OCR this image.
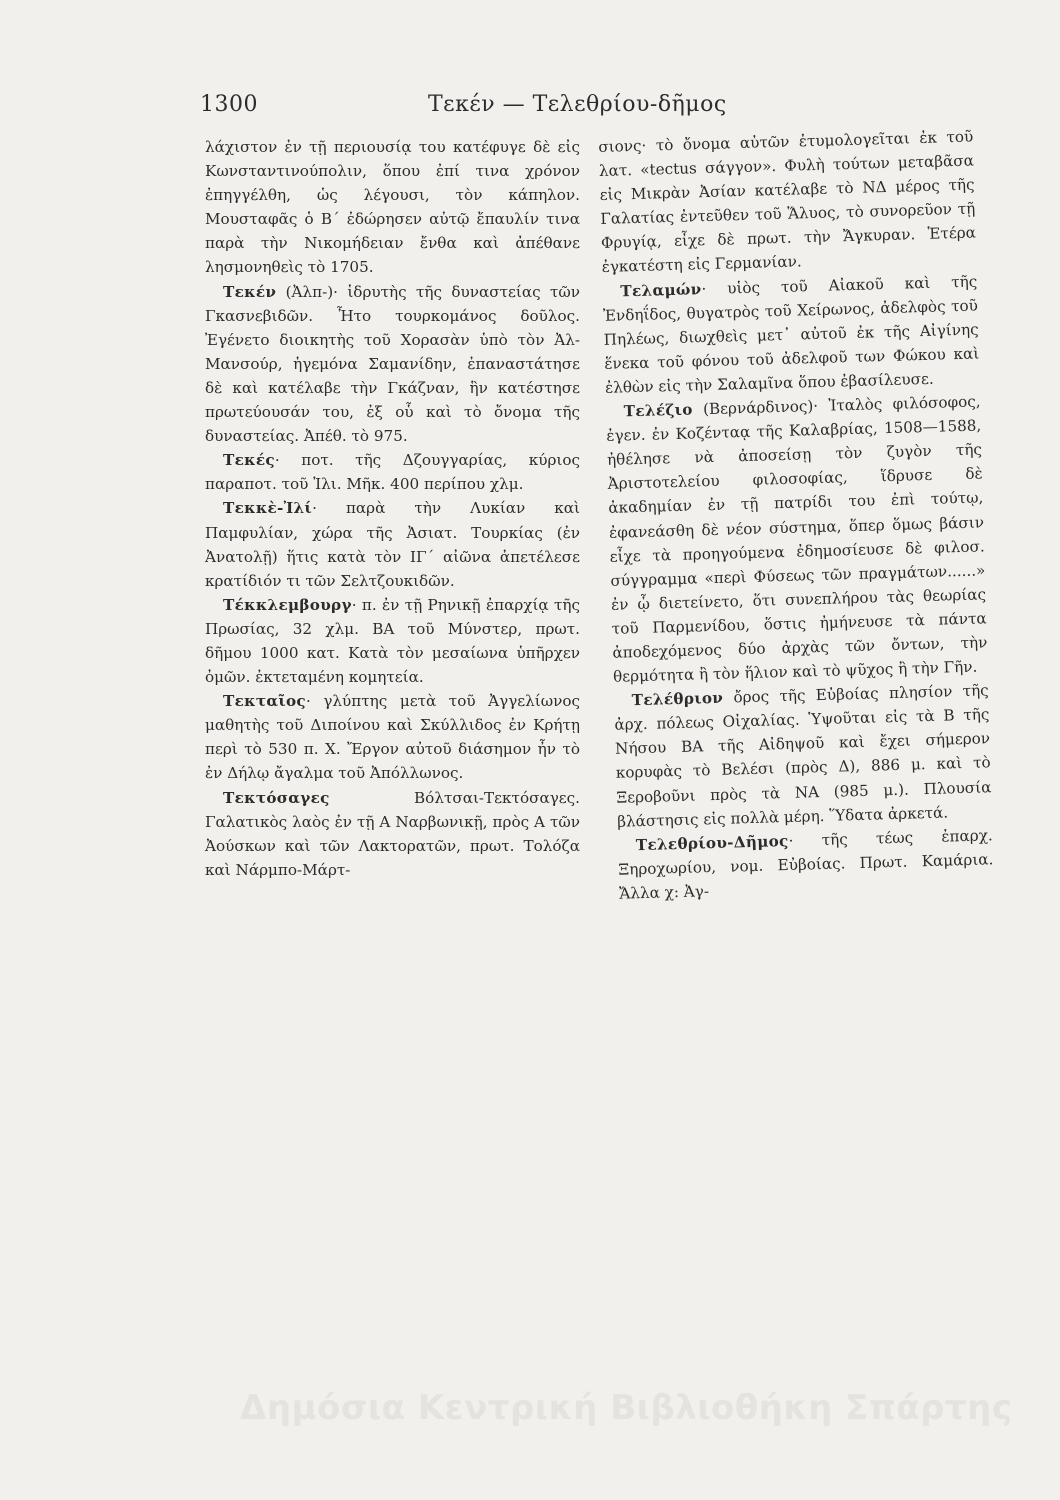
1300	Τεκέν — Τελεθρίου-δῆμος

λάχιστον ἐν τῇ περιουσίᾳ του κατέφυγε δὲ εἰς Κωνσταντινούπολιν, ὅπου ἐπί τινα χρόνον ἐπηγγέλθη, ὡς λέγουσι, τὸν κάπηλον. Μουσταφᾶς ὁ Β΄ ἐδώρησεν αὐτῷ ἔπαυλίν τινα παρὰ τὴν Νικομήδειαν ἔνθα καὶ ἀπέθανε λησμονηθεὶς τὸ 1705.

Τεκέν (Ἀλπ-)· ἱδρυτὴς τῆς δυναστείας τῶν Γκασνεβιδῶν. Ἦτο τουρκομάνος δοῦλος. Ἐγένετο διοικητὴς τοῦ Χορασὰν ὑπὸ τὸν Ἀλ-Μανσούρ, ἡγεμόνα Σαμανίδην, ἐπαναστάτησε δὲ καὶ κατέλαβε τὴν Γκάζναν, ἣν κατέστησε πρωτεύουσάν του, ἐξ οὗ καὶ τὸ ὄνομα τῆς δυναστείας. Ἀπέθ. τὸ 975.

Τεκές· ποτ. τῆς Δζουγγαρίας, κύριος παραποτ. τοῦ Ἰλι. Μῆκ. 400 περίπου χλμ.

Τεκκὲ-Ἰλί· παρὰ τὴν Λυκίαν καὶ Παμφυλίαν, χώρα τῆς Ἀσιατ. Τουρκίας (ἐν Ἀνατολῇ) ἥτις κατὰ τὸν ΙΓ΄ αἰῶνα ἀπετέλεσε κρατίδιόν τι τῶν Σελτζουκιδῶν.

Τέκκλεμβουργ· π. ἐν τῇ Ρηνικῇ ἐπαρχίᾳ τῆς Πρωσίας, 32 χλμ. ΒΑ τοῦ Μύνστερ, πρωτ. δῆμου 1000 κατ. Κατὰ τὸν μεσαίωνα ὑπῆρχεν ὀμῶν. ἐκτεταμένη κομητεία.

Τεκταῖος· γλύπτης μετὰ τοῦ Ἀγγελίωνος μαθητὴς τοῦ Διποίνου καὶ Σκύλλιδος ἐν Κρήτῃ περὶ τὸ 530 π. Χ. Ἔργον αὐτοῦ διάσημον ἦν τὸ ἐν Δήλῳ ἄγαλμα τοῦ Ἀπόλλωνος.

Τεκτόσαγες Βόλτσαι-Τεκτόσαγες. Γαλατικὸς λαὸς ἐν τῇ Α Ναρβωνικῇ, πρὸς Α τῶν Ἀούσκων καὶ τῶν Λακτορατῶν, πρωτ. Τολόζα καὶ Νάρμπο-Μάρτ-

σιονς· τὸ ὄνομα αὐτῶν ἐτυμολογεῖται ἐκ τοῦ λατ. «tectus σάγγον». Φυλὴ τούτων μεταβᾶσα εἰς Μικρὰν Ἀσίαν κατέλαβε τὸ ΝΔ μέρος τῆς Γαλατίας ἐντεῦθεν τοῦ Ἅλυος, τὸ συνορεῦον τῇ Φρυγίᾳ, εἶχε δὲ πρωτ. τὴν Ἄγκυραν. Ἑτέρα ἐγκατέστη εἰς Γερμανίαν.

Τελαμών· υἱὸς τοῦ Αἰακοῦ καὶ τῆς Ἐνδηΐδος, θυγατρὸς τοῦ Χείρωνος, ἀδελφὸς τοῦ Πηλέως, διωχθεὶς μετ᾽ αὐτοῦ ἐκ τῆς Αἰγίνης ἕνεκα τοῦ φόνου τοῦ ἀδελφοῦ των Φώκου καὶ ἐλθὼν εἰς τὴν Σαλαμῖνα ὅπου ἐβασίλευσε.

Τελέζιο (Βερνάρδινος)· Ἰταλὸς φιλόσοφος, ἐγεν. ἐν Κοζένταᾳ τῆς Καλαβρίας, 1508—1588, ἠθέλησε νὰ ἀποσείσῃ τὸν ζυγὸν τῆς Ἀριστοτελείου φιλοσοφίας, ἵδρυσε δὲ ἀκαδημίαν ἐν τῇ πατρίδι του ἐπὶ τούτῳ, ἐφανεάσθη δὲ νέον σύστημα, ὅπερ ὅμως βάσιν εἶχε τὰ προηγούμενα ἐδημοσίευσε δὲ φιλοσ. σύγγραμμα «περὶ Φύσεως τῶν πραγμάτων......» ἐν ᾧ διετείνετο, ὅτι συνεπλήρου τὰς θεωρίας τοῦ Παρμενίδου, ὅστις ἠμήνευσε τὰ πάντα ἀποδεχόμενος δύο ἀρχὰς τῶν ὄντων, τὴν θερμότητα ἢ τὸν ἥλιον καὶ τὸ ψῦχος ἢ τὴν Γῆν.

Τελέθριον ὄρος τῆς Εὐβοίας πλησίον τῆς ἀρχ. πόλεως Οἰχαλίας. Ὑψοῦται εἰς τὰ Β τῆς Νήσου ΒΑ τῆς Αἰδηψοῦ καὶ ἔχει σήμερον κορυφὰς τὸ Βελέσι (πρὸς Δ), 886 μ. καὶ τὸ Ξεροβοῦνι πρὸς τὰ ΝΑ (985 μ.). Πλουσία βλάστησις εἰς πολλὰ μέρη. Ὕδατα ἀρκετά.

Τελεθρίου-Δῆμος· τῆς τέως ἐπαρχ. Ξηροχωρίου, νομ. Εὐβοίας. Πρωτ. Καμάρια. Ἄλλα χ: Ἀγ-

Δημόσια Κεντρική Βιβλιοθήκη Σπάρτης
